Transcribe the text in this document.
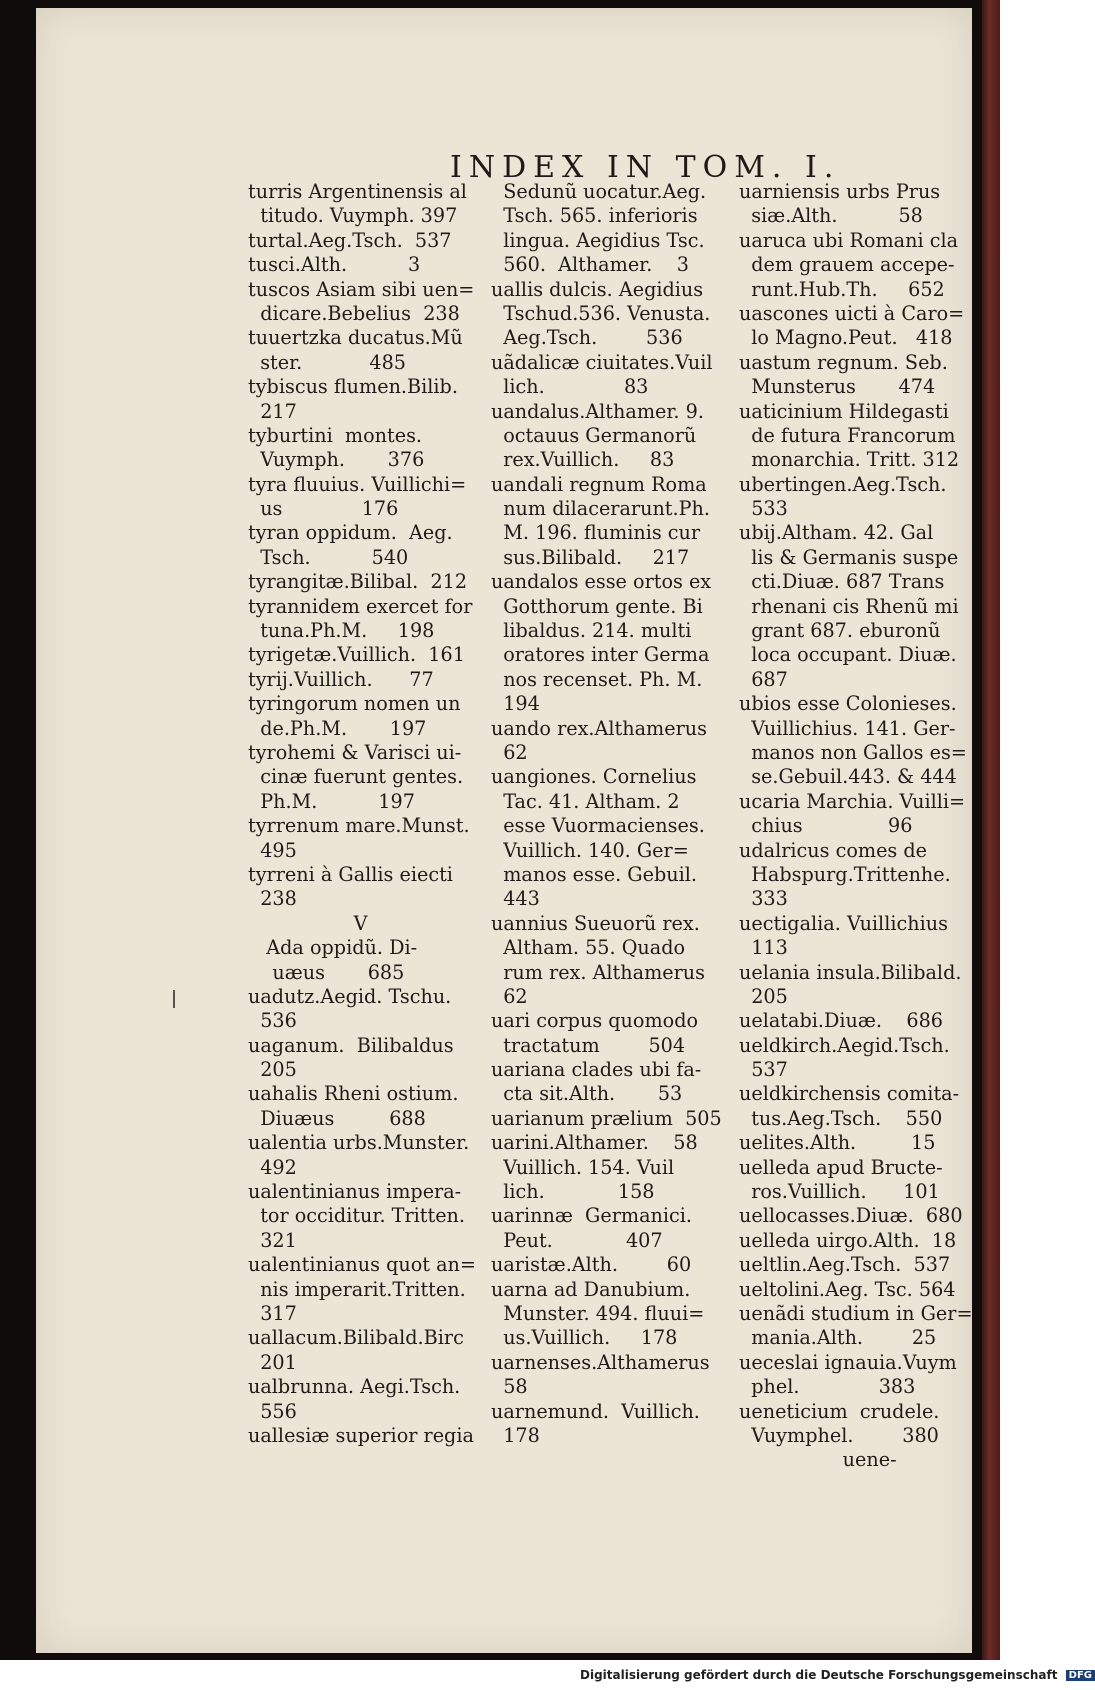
INDEX IN TOM. I.
turris Argentinensis al
titudo. Vuymph. 397
turtal.Aeg.Tsch.  537
tusci.Alth.          3
tuscos Asiam sibi uen=
dicare.Bebelius  238
tuuertzka ducatus.Mũ
ster.           485
tybiscus flumen.Bilib.
217
tyburtini  montes.
Vuymph.       376
tyra fluuius. Vuillichi=
us             176
tyran oppidum.  Aeg.
Tsch.          540
tyrangitæ.Bilibal.  212
tyrannidem exercet for
tuna.Ph.M.     198
tyrigetæ.Vuillich.  161
tyrij.Vuillich.      77
tyringorum nomen un
de.Ph.M.       197
tyrohemi & Varisci ui-
cinæ fuerunt gentes.
Ph.M.          197
tyrrenum mare.Munst.
495
tyrreni à Gallis eiecti
238
V
Ada oppidũ. Di-
uæus       685
uadutz.Aegid. Tschu.
536
uaganum.  Bilibaldus
205
uahalis Rheni ostium.
Diuæus         688
ualentia urbs.Munster.
492
ualentinianus impera-
tor occiditur. Tritten.
321
ualentinianus quot an=
nis imperarit.Tritten.
317
uallacum.Bilibald.Birc
201
ualbrunna. Aegi.Tsch.
556
uallesiæ superior regia
Sedunũ uocatur.Aeg.
Tsch. 565. inferioris
lingua. Aegidius Tsc.
560.  Althamer.    3
uallis dulcis. Aegidius
Tschud.536. Venusta.
Aeg.Tsch.        536
uãdalicæ ciuitates.Vuil
lich.             83
uandalus.Althamer. 9.
octauus Germanorũ
rex.Vuillich.     83
uandali regnum Roma
num dilacerarunt.Ph.
M. 196. fluminis cur
sus.Bilibald.     217
uandalos esse ortos ex
Gotthorum gente. Bi
libaldus. 214. multi
oratores inter Germa
nos recenset. Ph. M.
194
uando rex.Althamerus
62
uangiones. Cornelius
Tac. 41. Altham. 2
esse Vuormacienses.
Vuillich. 140. Ger=
manos esse. Gebuil.
443
uannius Sueuorũ rex.
Altham. 55. Quado
rum rex. Althamerus
62
uari corpus quomodo
tractatum        504
uariana clades ubi fa-
cta sit.Alth.       53
uarianum prælium  505
uarini.Althamer.    58
Vuillich. 154. Vuil
lich.            158
uarinnæ  Germanici.
Peut.            407
uaristæ.Alth.        60
uarna ad Danubium.
Munster. 494. fluui=
us.Vuillich.     178
uarnenses.Althamerus
58
uarnemund.  Vuillich.
178
uarniensis urbs Prus
siæ.Alth.          58
uaruca ubi Romani cla
dem grauem accepe-
runt.Hub.Th.     652
uascones uicti à Caro=
lo Magno.Peut.   418
uastum regnum. Seb.
Munsterus       474
uaticinium Hildegasti
de futura Francorum
monarchia. Tritt. 312
ubertingen.Aeg.Tsch.
533
ubij.Altham. 42. Gal
lis & Germanis suspe
cti.Diuæ. 687 Trans
rhenani cis Rhenũ mi
grant 687. eburonũ
loca occupant. Diuæ.
687
ubios esse Colonieses.
Vuillichius. 141. Ger-
manos non Gallos es=
se.Gebuil.443. & 444
ucaria Marchia. Vuilli=
chius              96
udalricus comes de
Habspurg.Trittenhe.
333
uectigalia. Vuillichius
113
uelania insula.Bilibald.
205
uelatabi.Diuæ.    686
ueldkirch.Aegid.Tsch.
537
ueldkirchensis comita-
tus.Aeg.Tsch.    550
uelites.Alth.         15
uelleda apud Bructe-
ros.Vuillich.      101
uellocasses.Diuæ.  680
uelleda uirgo.Alth.  18
ueltlin.Aeg.Tsch.  537
ueltolini.Aeg. Tsc. 564
uenãdi studium in Ger=
mania.Alth.        25
ueceslai ignauia.Vuym
phel.             383
ueneticium  crudele.
Vuymphel.        380
uene-
Digitalisierung gefördert durch die Deutsche Forschungsgemeinschaft DFG
